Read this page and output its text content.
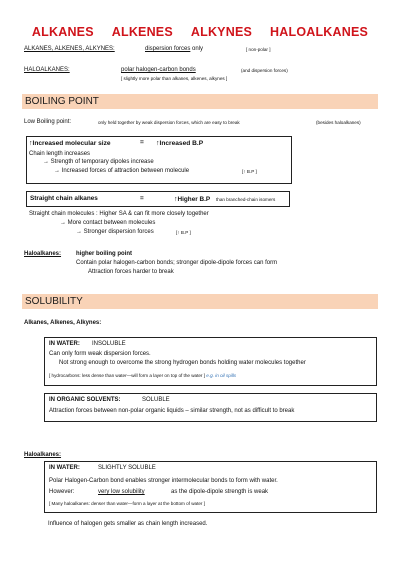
ALKANES ALKENES ALKYNES HALOALKANES
ALKANES, ALKENES, ALKYNES:	dispersion forces only	[ non-polar ]
HALOALKANES:	polar halogen-carbon bonds	(and dispersion forces)
[ slightly more polar than alkanes, alkenes, alkynes ]
BOILING POINT
Low Boiling point:	only held together by weak dispersion forces, which are easy to break	(besides haloalkanes)
↑Increased molecular size	= ↑Increased B.P
Chain length increases
→ Strength of temporary dipoles increase
→ Increased forces of attraction between molecule	[↑ B.P ]
Straight chain alkanes	=	↑Higher B.P than branched-chain isomers
Straight chain molecules : Higher SA & can fit more closely together
→ More contact between molecules
→ Stronger dispersion forces	[↑ B.P ]
Haloalkanes: higher boiling point
Contain polar halogen-carbon bonds; stronger dipole-dipole forces can form
Attraction forces harder to break
SOLUBILITY
Alkanes, Alkenes, Alkynes:
IN WATER: INSOLUBLE
Can only form weak dispersion forces.
Not strong enough to overcome the strong hydrogen bonds holding water molecules together
[ hydrocarbons: less dense than water—will form a layer on top of the water ] e.g. in oil spills
IN ORGANIC SOLVENTS:	SOLUBLE
Attraction forces between non-polar organic liquids – similar strength, not as difficult to break
Haloalkanes:
IN WATER:	SLIGHTLY SOLUBLE
Polar Halogen-Carbon bond enables stronger intermolecular bonds to form with water.
However:	very low solubility	as the dipole-dipole strength is weak
[ Many haloalkanes: denser than water—form a layer at the bottom of water ]
Influence of halogen gets smaller as chain length increased.
